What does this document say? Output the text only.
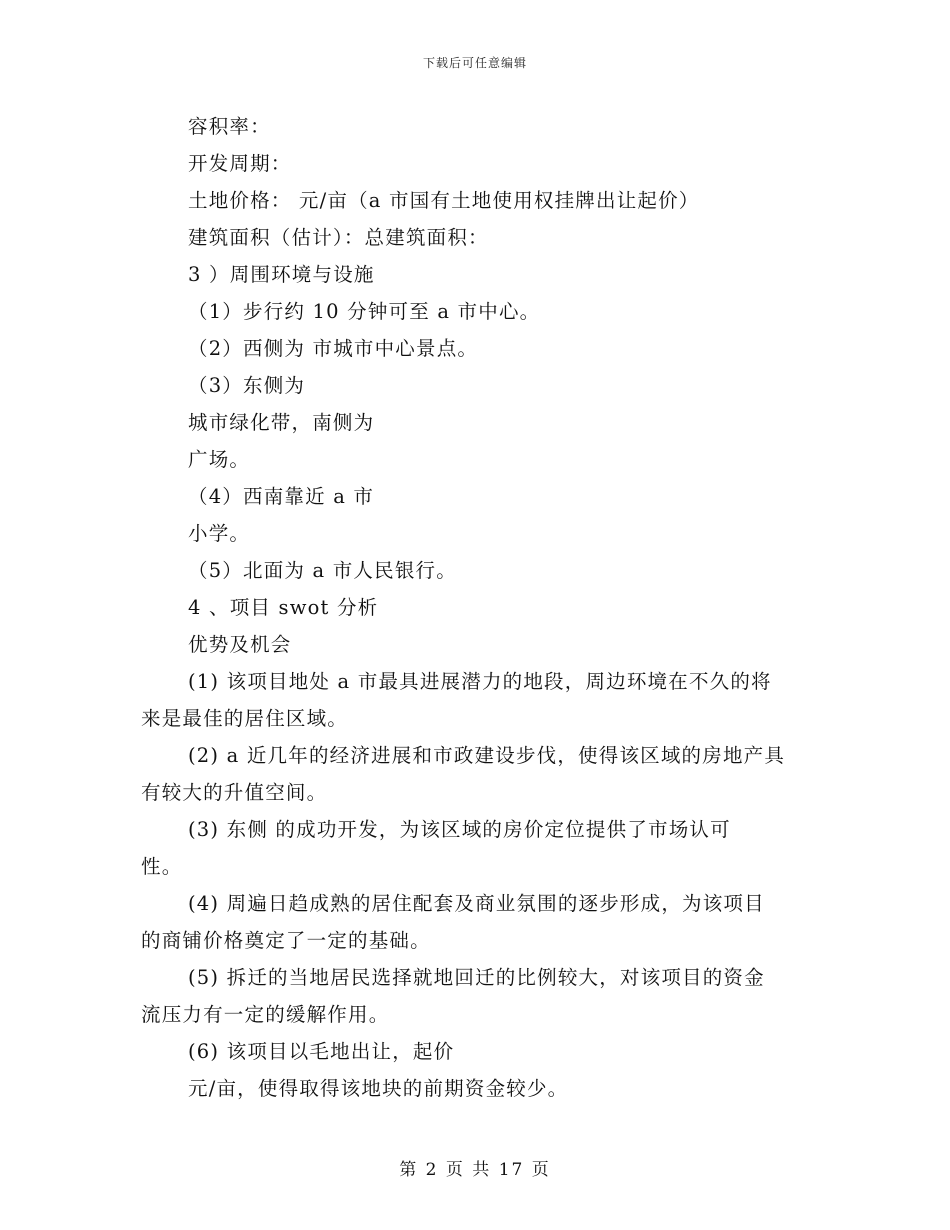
下载后可任意编辑
容积率：
开发周期：
土地价格： 元/亩（a 市国有土地使用权挂牌出让起价）
建筑面积（估计）：总建筑面积：
3 ）周围环境与设施
（1）步行约 10 分钟可至 a 市中心。
（2）西侧为 市城市中心景点。
（3）东侧为
城市绿化带，南侧为
广场。
（4）西南靠近 a 市
小学。
（5）北面为 a 市人民银行。
4 、项目 swot 分析
优势及机会
(1) 该项目地处 a 市最具进展潜力的地段，周边环境在不久的将
来是最佳的居住区域。
(2) a 近几年的经济进展和市政建设步伐，使得该区域的房地产具
有较大的升值空间。
(3) 东侧 的成功开发，为该区域的房价定位提供了市场认可
性。
(4) 周遍日趋成熟的居住配套及商业氛围的逐步形成，为该项目
的商铺价格奠定了一定的基础。
(5) 拆迁的当地居民选择就地回迁的比例较大，对该项目的资金
流压力有一定的缓解作用。
(6) 该项目以毛地出让，起价
元/亩，使得取得该地块的前期资金较少。
第 2 页 共 17 页
